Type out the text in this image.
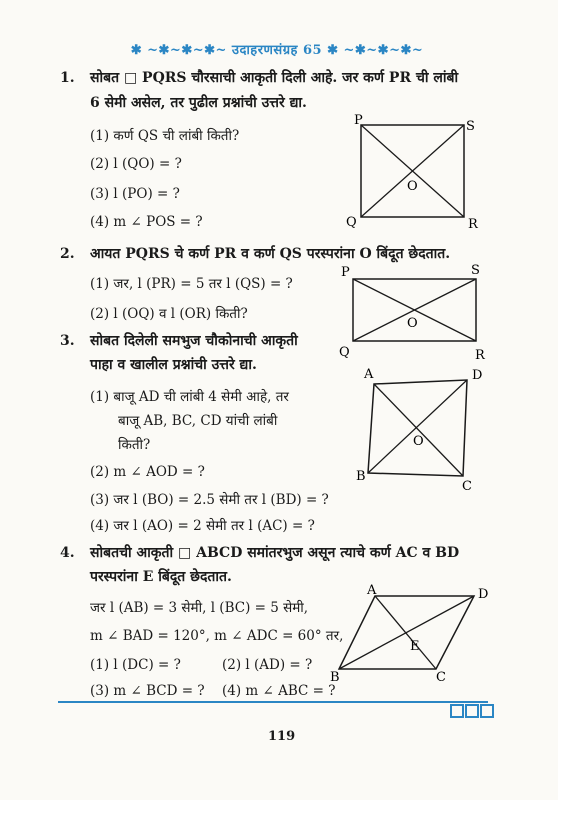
✱ ~✱~✱~✱~ उदाहरणसंग्रह 65 ✱ ~✱~✱~✱~
1. सोबत □ PQRS चौरसाची आकृती दिली आहे. जर कर्ण PR ची लांबी
6 सेमी असेल, तर पुढील प्रश्नांची उत्तरे द्या.
(1) कर्ण QS ची लांबी किती?
(2) l (QO) = ?
(3) l (PO) = ?
(4) m ∠ POS = ?
P	S
Q	R
O
2. आयत PQRS चे कर्ण PR व कर्ण QS परस्परांना O बिंदूत छेदतात.
(1) जर, l (PR) = 5 तर l (QS) = ?
(2) l (OQ) व l (OR) किती?
P	S
Q	R
O
3. सोबत दिलेली समभुज चौकोनाची आकृती
पाहा व खालील प्रश्नांची उत्तरे द्या.
(1) बाजू AD ची लांबी 4 सेमी आहे, तर
बाजू AB, BC, CD यांची लांबी
किती?
(2) m ∠ AOD = ?
(3) जर l (BO) = 2.5 सेमी तर l (BD) = ?
(4) जर l (AO) = 2 सेमी तर l (AC) = ?
A	D
B
C
O
4. सोबतची आकृती □ ABCD समांतरभुज असून त्याचे कर्ण AC व BD
परस्परांना E बिंदूत छेदतात.
जर l (AB) = 3 सेमी, l (BC) = 5 सेमी,
m ∠ BAD = 120°, m ∠ ADC = 60° तर,
(1) l (DC) = ?	(2) l (AD) = ?
(3) m ∠ BCD = ? (4) m ∠ ABC = ?
A	D
B	C
E
119
